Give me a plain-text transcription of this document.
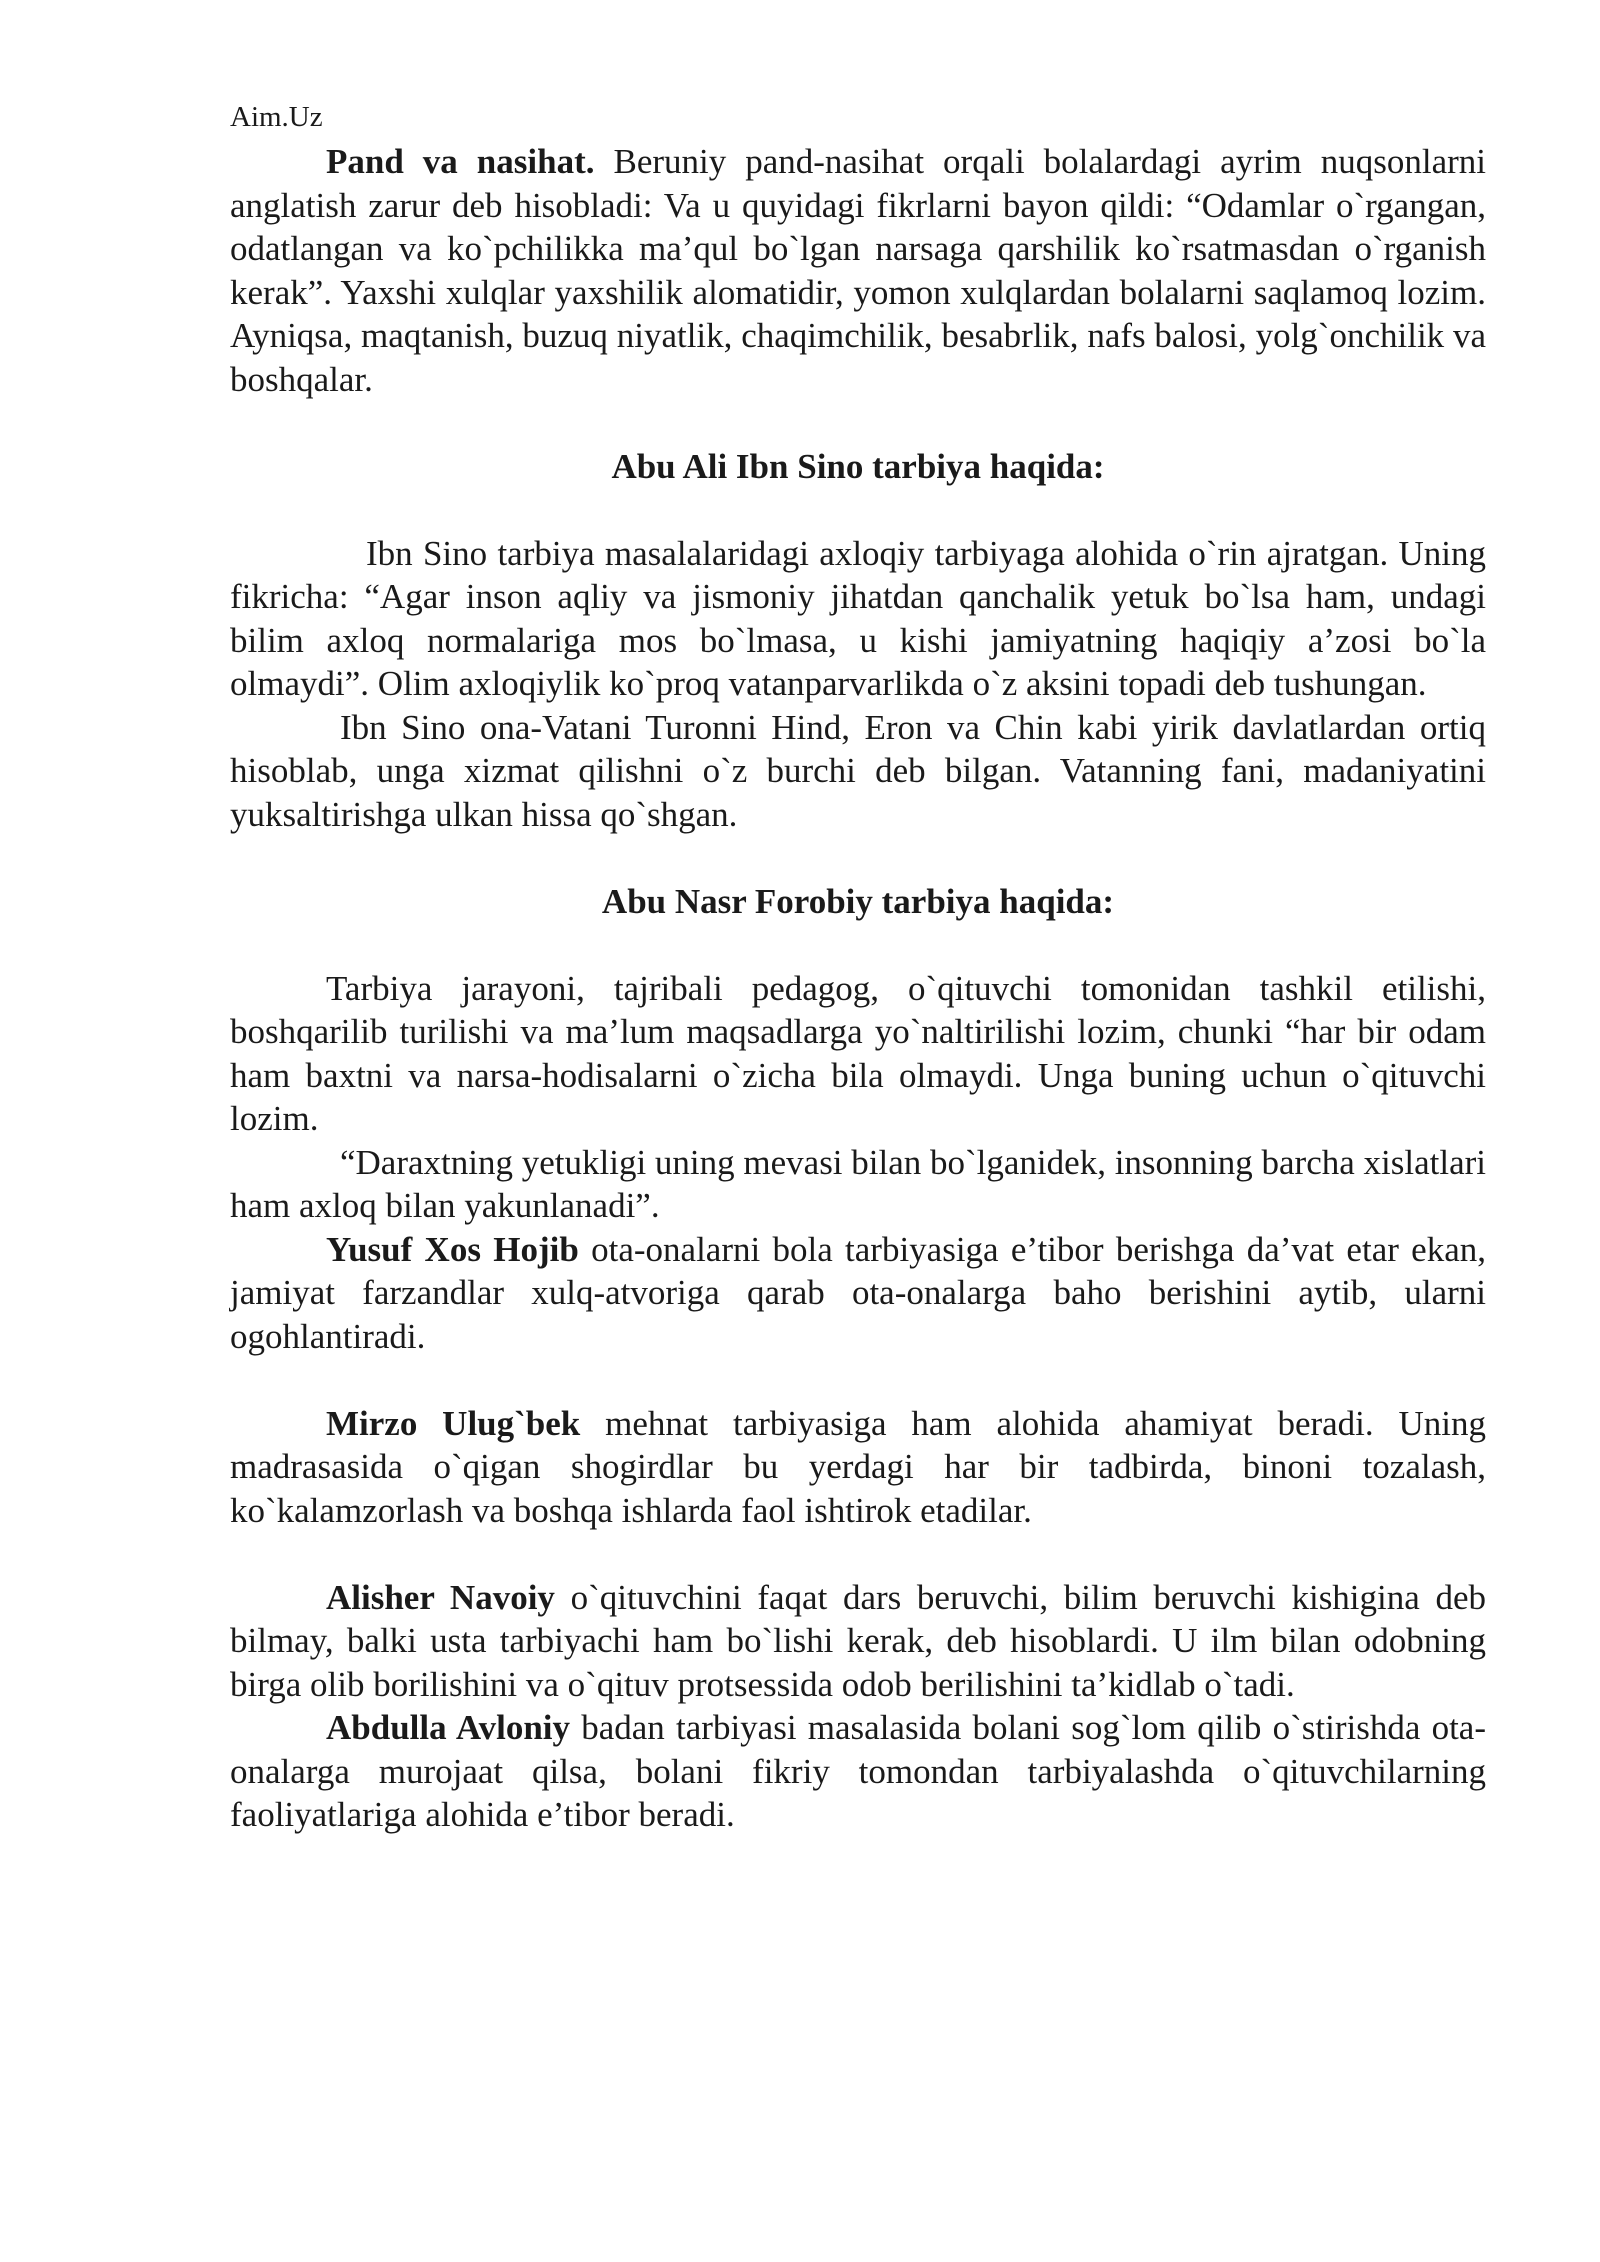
Aim.Uz

Pand va nasihat. Beruniy pand-nasihat orqali bolalardagi ayrim nuqsonlarni anglatish zarur deb hisobladi: Va u quyidagi fikrlarni bayon qildi: “Odamlar o`rgangan, odatlangan va ko`pchilikka ma’qul bo`lgan narsaga qarshilik ko`rsatmasdan o`rganish kerak”. Yaxshi xulqlar yaxshilik alomatidir, yomon xulqlardan bolalarni saqlamoq lozim. Ayniqsa, maqtanish, buzuq niyatlik, chaqimchilik, besabrlik, nafs balosi, yolg`onchilik va boshqalar.

Abu Ali Ibn Sino tarbiya haqida:

Ibn Sino tarbiya masalalaridagi axloqiy tarbiyaga alohida o`rin ajratgan. Uning fikricha: “Agar inson aqliy va jismoniy jihatdan qanchalik yetuk bo`lsa ham, undagi bilim axloq normalariga mos bo`lmasa, u kishi jamiyatning haqiqiy a’zosi bo`la olmaydi”. Olim axloqiylik ko`proq vatanparvarlikda o`z aksini topadi deb tushungan.

Ibn Sino ona-Vatani Turonni Hind, Eron va Chin kabi yirik davlatlardan ortiq hisoblab, unga xizmat qilishni o`z burchi deb bilgan. Vatanning fani, madaniyatini yuksaltirishga ulkan hissa qo`shgan.

Abu Nasr Forobiy tarbiya haqida:

Tarbiya jarayoni, tajribali pedagog, o`qituvchi tomonidan tashkil etilishi, boshqarilib turilishi va ma’lum maqsadlarga yo`naltirilishi lozim, chunki “har bir odam ham baxtni va narsa-hodisalarni o`zicha bila olmaydi. Unga buning uchun o`qituvchi lozim.

“Daraxtning yetukligi uning mevasi bilan bo`lganidek, insonning barcha xislatlari ham axloq bilan yakunlanadi”.

Yusuf Xos Hojib ota-onalarni bola tarbiyasiga e’tibor berishga da’vat etar ekan, jamiyat farzandlar xulq-atvoriga qarab ota-onalarga baho berishini aytib, ularni ogohlantiradi.

Mirzo Ulug`bek mehnat tarbiyasiga ham alohida ahamiyat beradi. Uning madrasasida o`qigan shogirdlar bu yerdagi har bir tadbirda, binoni tozalash, ko`kalamzorlash va boshqa ishlarda faol ishtirok etadilar.

Alisher Navoiy o`qituvchini faqat dars beruvchi, bilim beruvchi kishigina deb bilmay, balki usta tarbiyachi ham bo`lishi kerak, deb hisoblardi. U ilm bilan odobning birga olib borilishini va o`qituv protsessida odob berilishini ta’kidlab o`tadi.

Abdulla Avloniy badan tarbiyasi masalasida bolani sog`lom qilib o`stirishda ota-onalarga murojaat qilsa, bolani fikriy tomondan tarbiyalashda o`qituvchilarning faoliyatlariga alohida e’tibor beradi.
